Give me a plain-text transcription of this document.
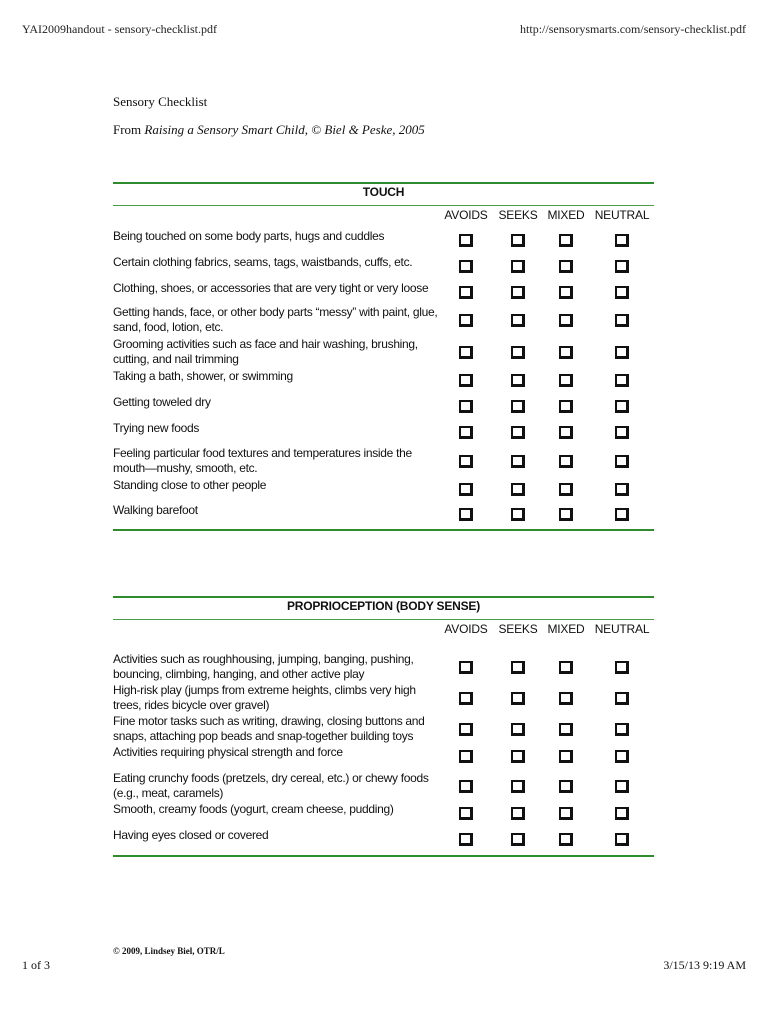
YAI2009handout - sensory-checklist.pdf	http://sensorysmarts.com/sensory-checklist.pdf
Sensory Checklist
From Raising a Sensory Smart Child, © Biel & Peske, 2005
TOUCH
AVOIDS SEEKS MIXED NEUTRAL
Being touched on some body parts, hugs and cuddles
Certain clothing fabrics, seams, tags, waistbands, cuffs, etc.
Clothing, shoes, or accessories that are very tight or very loose
Getting hands, face, or other body parts “messy” with paint, glue, sand, food, lotion, etc.
Grooming activities such as face and hair washing, brushing, cutting, and nail trimming
Taking a bath, shower, or swimming
Getting toweled dry
Trying new foods
Feeling particular food textures and temperatures inside the mouth—mushy, smooth, etc.
Standing close to other people
Walking barefoot
PROPRIOCEPTION (BODY SENSE)
AVOIDS SEEKS MIXED NEUTRAL
Activities such as roughhousing, jumping, banging, pushing, bouncing, climbing, hanging, and other active play
High-risk play (jumps from extreme heights, climbs very high trees, rides bicycle over gravel)
Fine motor tasks such as writing, drawing, closing buttons and snaps, attaching pop beads and snap-together building toys
Activities requiring physical strength and force
Eating crunchy foods (pretzels, dry cereal, etc.) or chewy foods (e.g., meat, caramels)
Smooth, creamy foods (yogurt, cream cheese, pudding)
Having eyes closed or covered
© 2009, Lindsey Biel, OTR/L
1 of 3	3/15/13 9:19 AM
